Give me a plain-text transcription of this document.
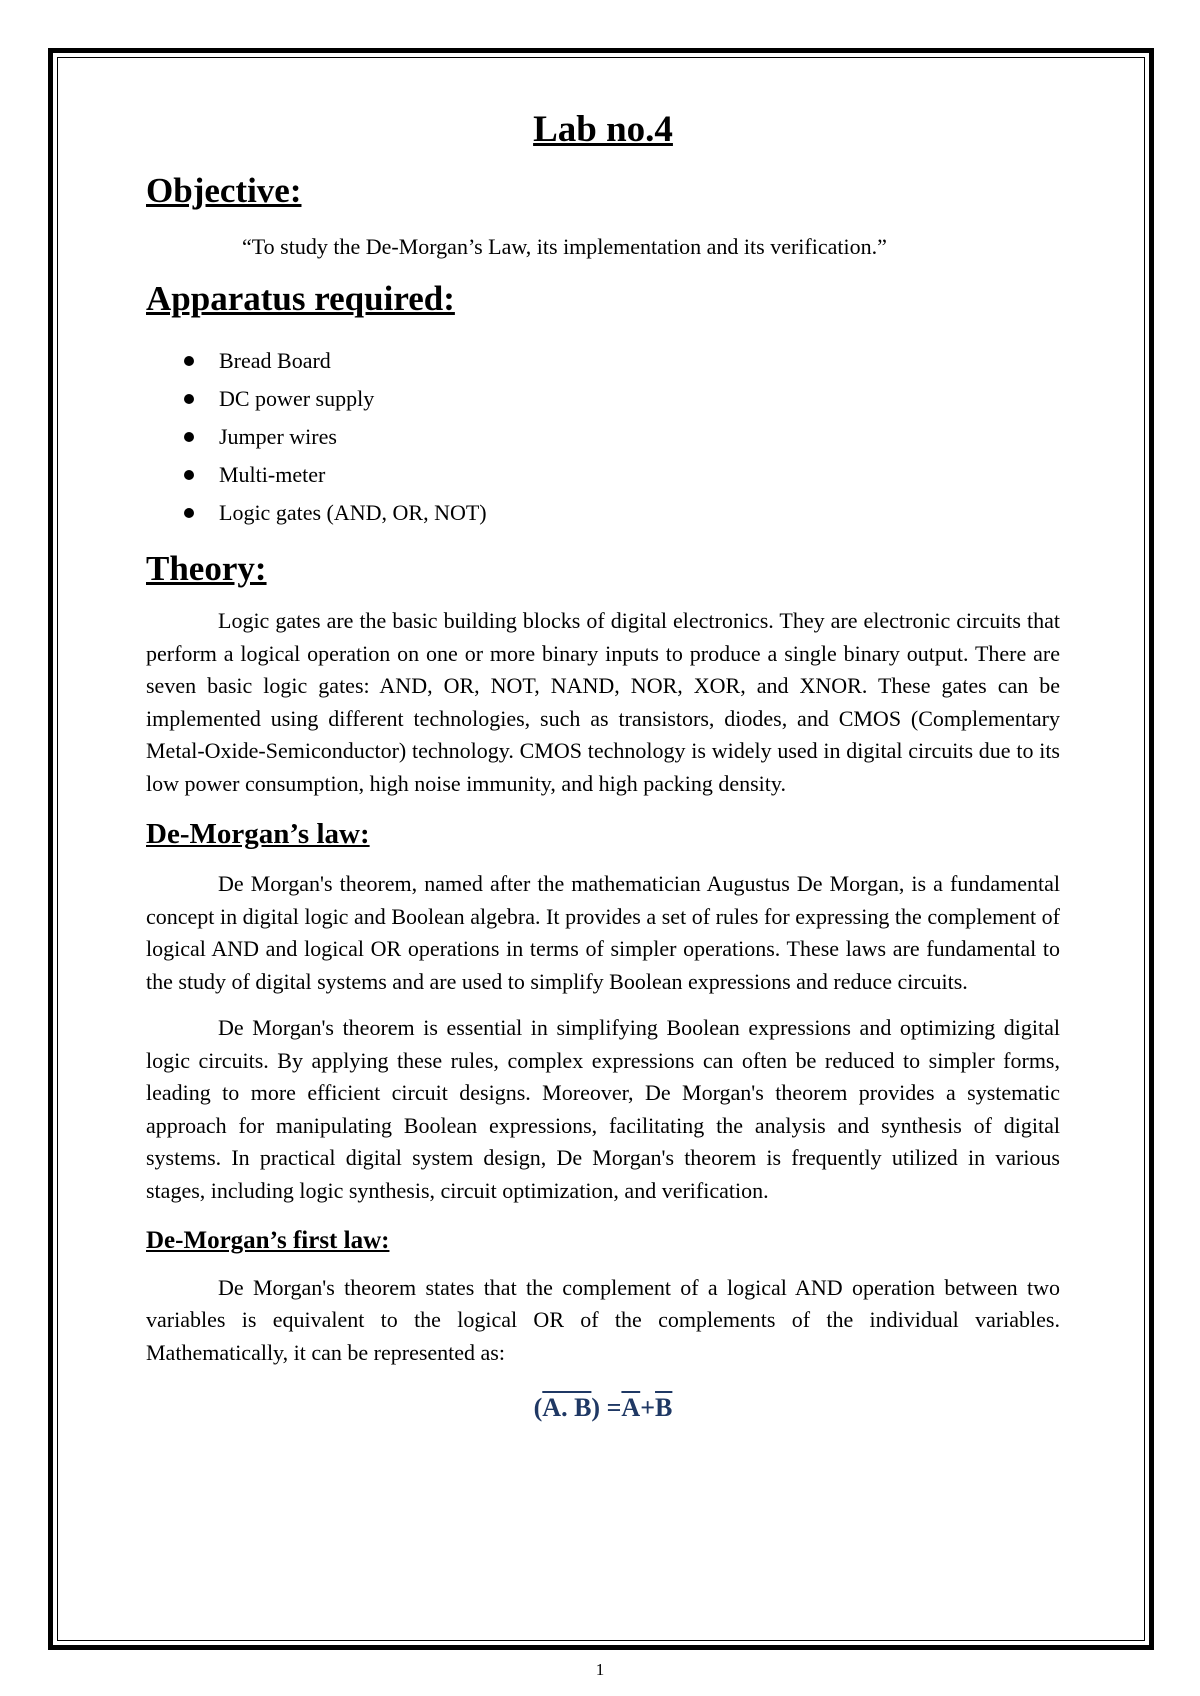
Lab no.4
Objective:
“To study the De-Morgan’s Law, its implementation and its verification.”
Apparatus required:
Bread Board
DC power supply
Jumper wires
Multi-meter
Logic gates (AND, OR, NOT)
Theory:

Logic gates are the basic building blocks of digital electronics. They are electronic circuits that perform a logical operation on one or more binary inputs to produce a single binary output. There are seven basic logic gates: AND, OR, NOT, NAND, NOR, XOR, and XNOR. These gates can be implemented using different technologies, such as transistors, diodes, and CMOS (Complementary Metal-Oxide-Semiconductor) technology. CMOS technology is widely used in digital circuits due to its low power consumption, high noise immunity, and high packing density.

De-Morgan’s law:

De Morgan's theorem, named after the mathematician Augustus De Morgan, is a fundamental concept in digital logic and Boolean algebra. It provides a set of rules for expressing the complement of logical AND and logical OR operations in terms of simpler operations. These laws are fundamental to the study of digital systems and are used to simplify Boolean expressions and reduce circuits.

De Morgan's theorem is essential in simplifying Boolean expressions and optimizing digital logic circuits. By applying these rules, complex expressions can often be reduced to simpler forms, leading to more efficient circuit designs. Moreover, De Morgan's theorem provides a systematic approach for manipulating Boolean expressions, facilitating the analysis and synthesis of digital systems. In practical digital system design, De Morgan's theorem is frequently utilized in various stages, including logic synthesis, circuit optimization, and verification.

De-Morgan’s first law:

De Morgan's theorem states that the complement of a logical AND operation between two variables is equivalent to the logical OR of the complements of the individual variables. Mathematically, it can be represented as:

(A. $B) =\overline{A}+\overline{B}$
1
